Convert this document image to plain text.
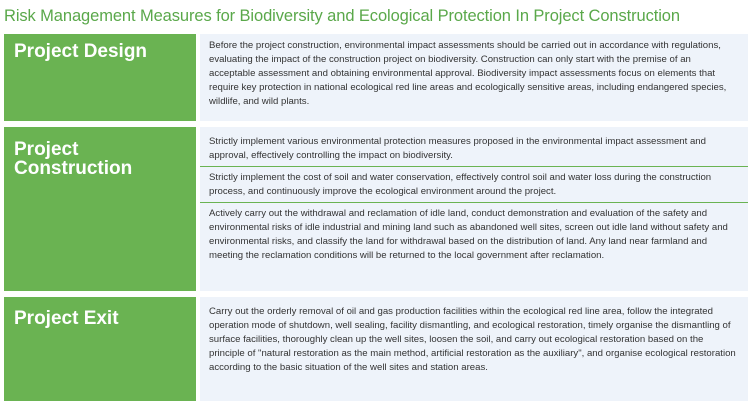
Risk Management Measures for Biodiversity and Ecological Protection In Project Construction
Project Design	Before the project construction, environmental impact assessments should be carried out in accordance with regulations, evaluating the impact of the construction project on biodiversity. Construction can only start with the premise of an acceptable assessment and obtaining environmental approval. Biodiversity impact assessments focus on elements that require key protection in national ecological red line areas and ecologically sensitive areas, including endangered species, wildlife, and wild plants.
Project Construction
Strictly implement various environmental protection measures proposed in the environmental impact assessment and approval, effectively controlling the impact on biodiversity.
Strictly implement the cost of soil and water conservation, effectively control soil and water loss during the construction process, and continuously improve the ecological environment around the project.
Actively carry out the withdrawal and reclamation of idle land, conduct demonstration and evaluation of the safety and environmental risks of idle industrial and mining land such as abandoned well sites, screen out idle land without safety and environmental risks, and classify the land for withdrawal based on the distribution of land. Any land near farmland and meeting the reclamation conditions will be returned to the local government after reclamation.
Project Exit	Carry out the orderly removal of oil and gas production facilities within the ecological red line area, follow the integrated operation mode of shutdown, well sealing, facility dismantling, and ecological restoration, timely organise the dismantling of surface facilities, thoroughly clean up the well sites, loosen the soil, and carry out ecological restoration based on the principle of "natural restoration as the main method, artificial restoration as the auxiliary", and organise ecological restoration according to the basic situation of the well sites and station areas.
